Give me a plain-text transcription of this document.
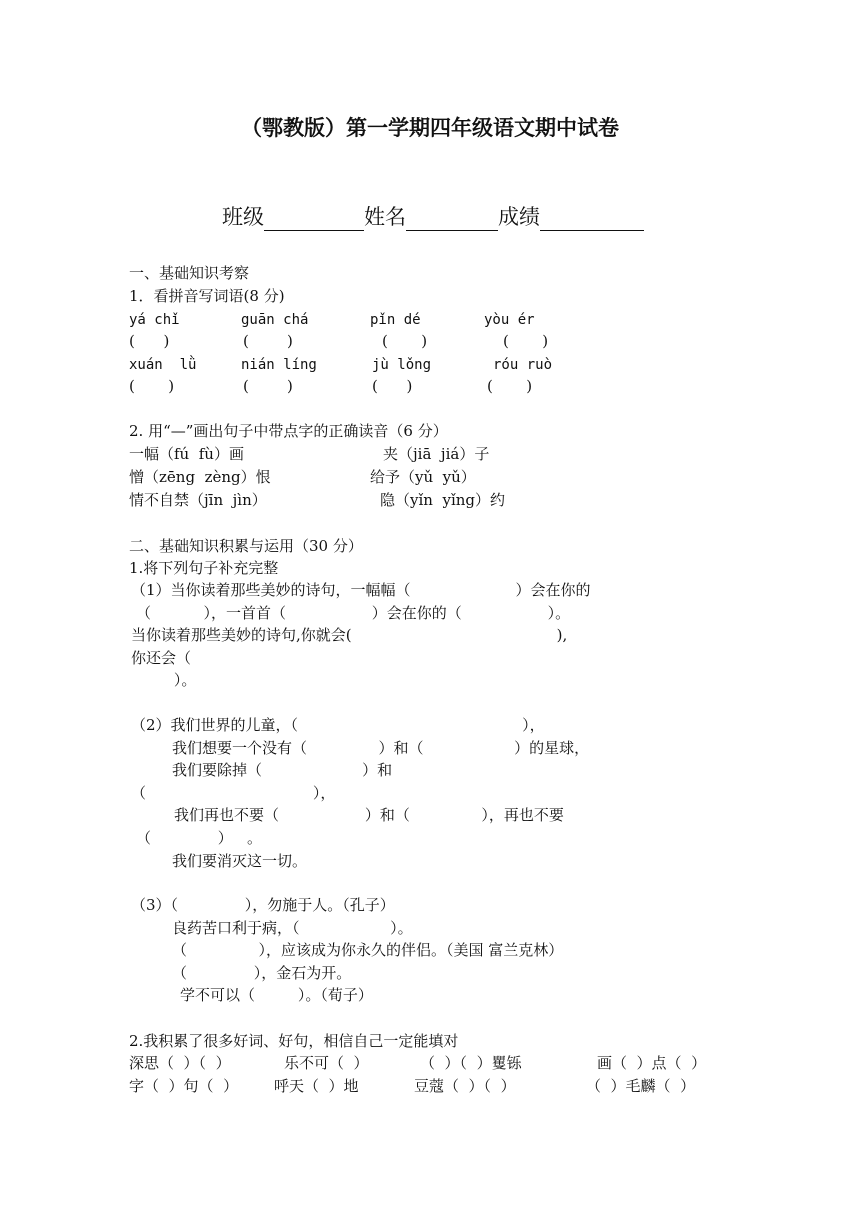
（鄂教版）第一学期四年级语文期中试卷
班级	姓名	成绩
一、基础知识考察
1．看拼音写词语(8 分)
yá chǐ	guān chá	pǐn dé	yòu ér
(      )	(        )	(       )	(       )
xuán  lǜ	nián líng	jù lǒng	róu ruò
(       )	(        )	(      )	(       )
2. 用“—”画出句子中带点字的正确读音（6 分）
一幅（fú  fù）画	夹（jiā  jiá）子
憎（zēng  zèng）恨	给予（yǔ  yǔ）
情不自禁（jīn  jìn）	隐（yǐn  yǐng）约
二、基础知识积累与运用（30 分）
1.将下列句子补充完整
（1）当你读着那些美妙的诗句，一幅幅（                      ）会在你的
（           ），一首首（                  ）会在你的（                  ）。
当你读着那些美妙的诗句,你就会(                                           ),
你还会（
）。
（2）我们世界的儿童，（                                               ），
我们想要一个没有（               ）和（                   ）的星球，
我们要除掉（                     ）和
（                                   ），
我们再也不要（                  ）和（               ），再也不要
（              ）   。
我们要消灭这一切。
（3）（              ），勿施于人。（孔子）
良药苦口利于病，（                   ）。
（               ），应该成为你永久的伴侣。（美国 富兰克林）
（              ），金石为开。
学不可以（         ）。（荀子）
2.我积累了很多好词、好句，相信自己一定能填对
深思（  ）（  ）	乐不可（  ）	（  ）（  ）矍铄	画（  ）点（  ）
字（  ）句（  ） 呼天（  ）地	豆蔻（  ）（  ）	（  ）毛麟（  ）
